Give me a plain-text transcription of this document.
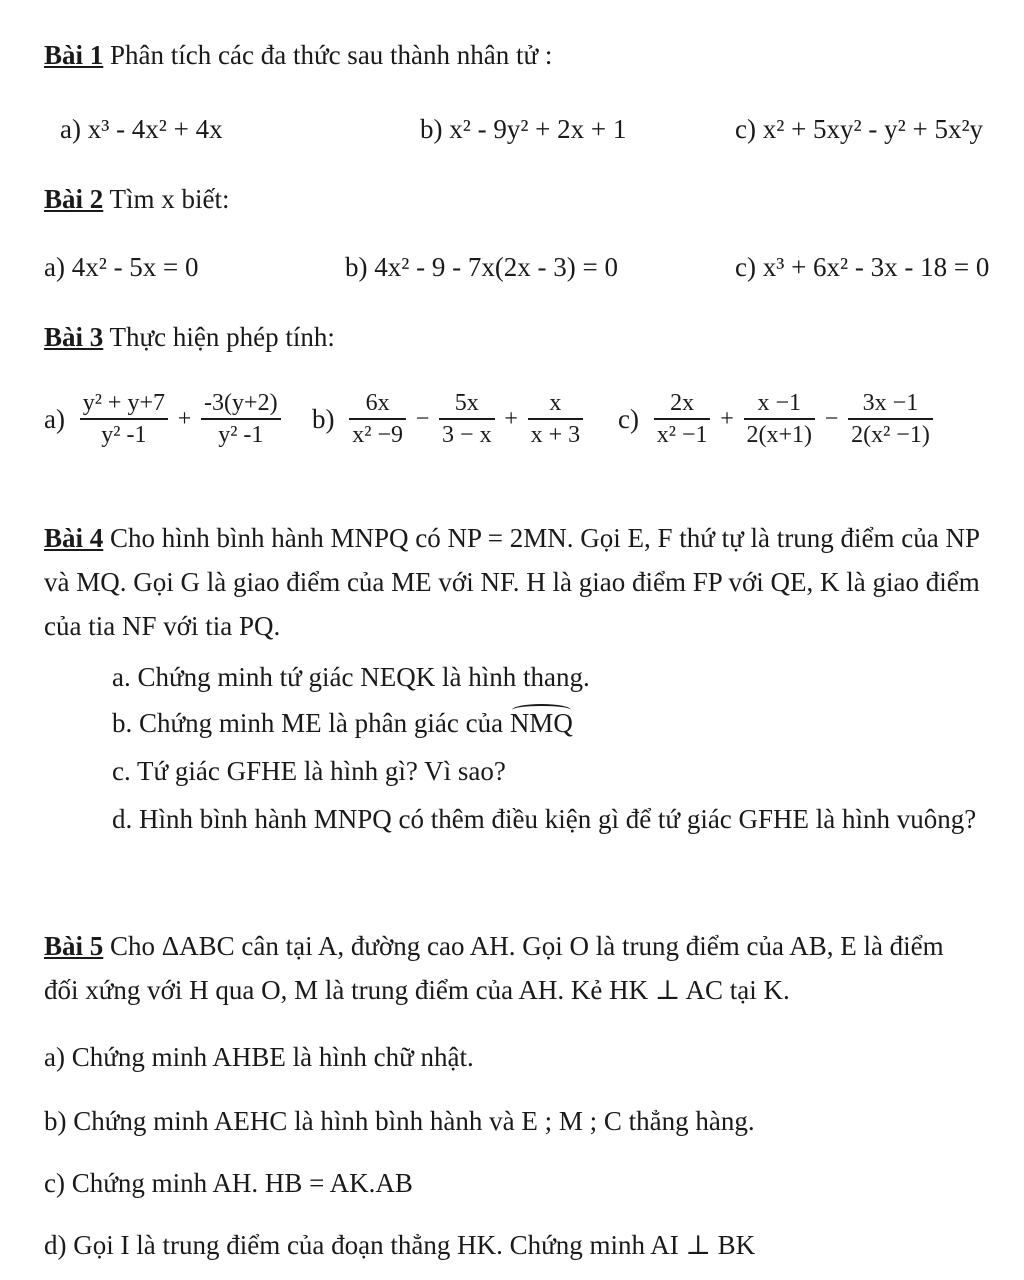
Bài 1 Phân tích các đa thức sau thành nhân tử :
a) x³ - 4x² + 4x	b) x² - 9y² + 2x + 1	c) x² + 5xy² - y² + 5x²y
Bài 2 Tìm x biết:
a) 4x² - 5x = 0	b) 4x² - 9 - 7x(2x - 3) = 0	c) x³ + 6x² - 3x - 18 = 0
Bài 3 Thực hiện phép tính:
$a) \frac{\text{y² + y+7}}{\text{y² -1}} + \frac{-3(y+2)}{\text{y² -1}} b) \frac{6x}{\text{x² −9}} - \frac{5x}{3 - x} + \frac{x}{x + 3} c) \frac{2x}{\text{x² −1}} + \frac{x -1}{2(x+1)} - \frac{3x -1}{\text{2(x² −1)}}$
Bài 4 Cho hình bình hành MNPQ có NP = 2MN. Gọi E, F thứ tự là trung điểm của NP và MQ. Gọi G là giao điểm của ME với NF. H là giao điểm FP với QE, K là giao điểm của tia NF với tia PQ.
a. Chứng minh tứ giác NEQK là hình thang.
b. Chứng minh ME là phân giác của NMQ
c. Tứ giác GFHE là hình gì? Vì sao?
d. Hình bình hành MNPQ có thêm điều kiện gì để tứ giác GFHE là hình vuông?
Bài 5 Cho ΔABC cân tại A, đường cao AH. Gọi O là trung điểm của AB, E là điểm đối xứng với H qua O, M là trung điểm của AH. Kẻ HK ⊥ AC tại K.
a) Chứng minh AHBE là hình chữ nhật.
b) Chứng minh AEHC là hình bình hành và E ; M ; C thẳng hàng.
c) Chứng minh AH. HB = AK.AB
d) Gọi I là trung điểm của đoạn thẳng HK. Chứng minh AI ⊥ BK
